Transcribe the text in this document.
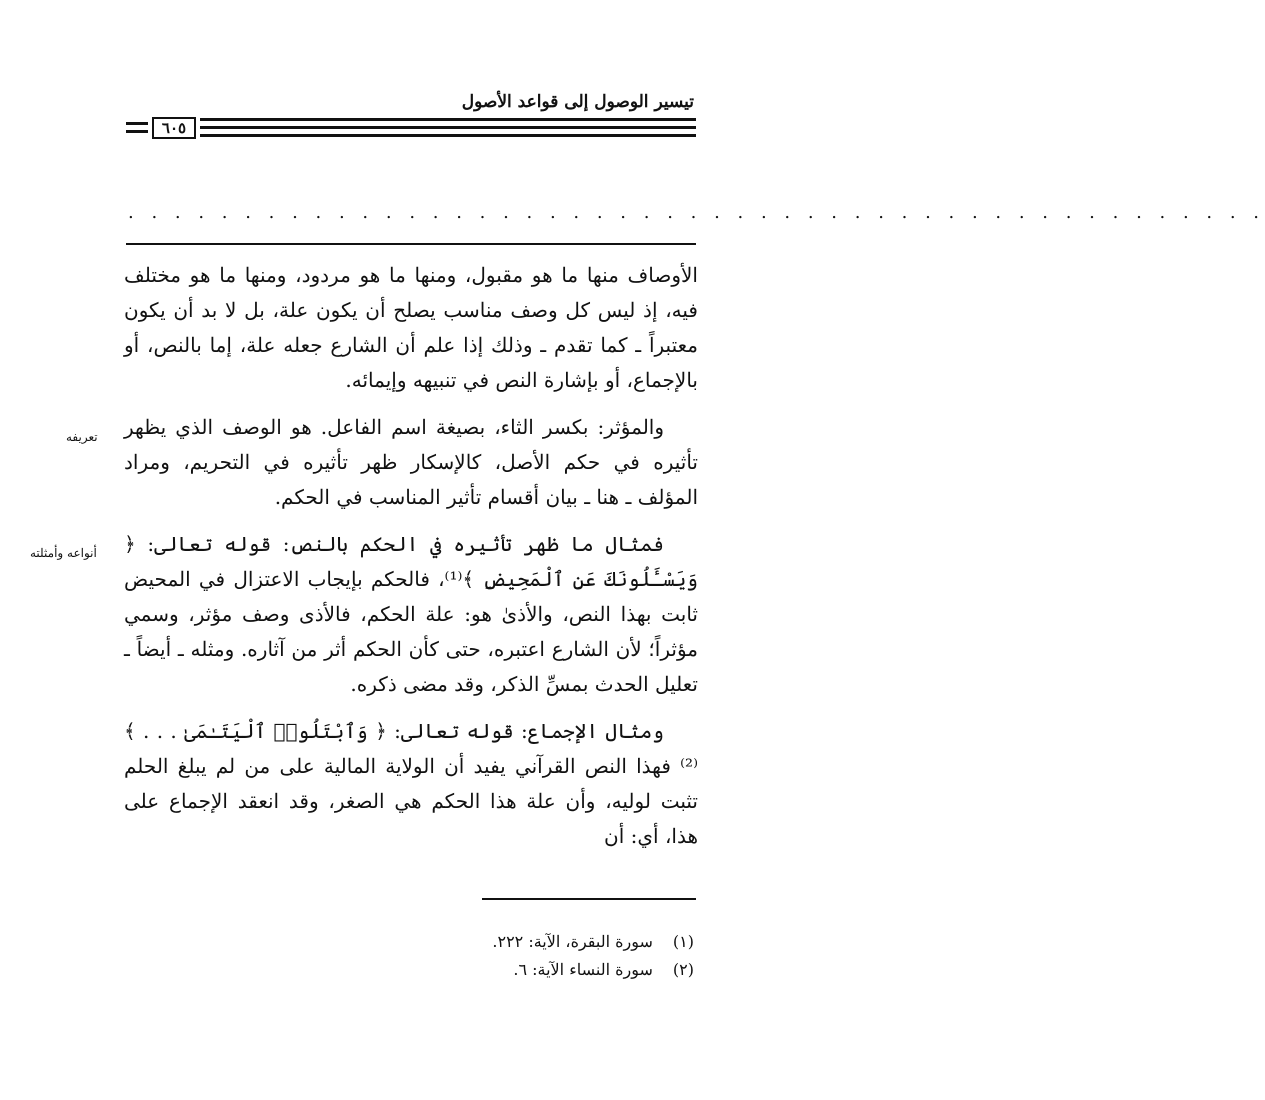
تيسير الوصول إلى قواعد الأصول
٦٠٥
. . . . . . . . . . . . . . . . . . . . . . . . . . . . . . . . . . . . . . . . . . . . . . . . .

الأوصاف منها ما هو مقبول، ومنها ما هو مردود، ومنها ما هو مختلف فيه، إذ ليس كل وصف مناسب يصلح أن يكون علة، بل لا بد أن يكون معتبراً ـ كما تقدم ـ وذلك إذا علم أن الشارع جعله علة، إما بالنص، أو بالإجماع، أو بإشارة النص في تنبيهه وإيمائه.

والمؤثر: بكسر الثاء، بصيغة اسم الفاعل. هو الوصف الذي يظهر تأثيره في حكم الأصل، كالإسكار ظهر تأثيره في التحريم، ومراد المؤلف ـ هنا ـ بيان أقسام تأثير المناسب في الحكم.

فمثال ما ظهر تأثيره في الحكم بالنص: قوله تعالى: ﴿ وَيَسْـَٔلُونَكَ عَنِ ٱلْمَحِيضِ ﴾⁽¹⁾، فالحكم بإيجاب الاعتزال في المحيض ثابت بهذا النص، والأذىٰ هو: علة الحكم، فالأذى وصف مؤثر، وسمي مؤثراً؛ لأن الشارع اعتبره، حتى كأن الحكم أثر من آثاره. ومثله ـ أيضاً ـ تعليل الحدث بمسِّ الذكر، وقد مضى ذكره.

ومثال الإجماع: قوله تعالى: ﴿ وَٱبْتَلُوا۟ ٱلْيَتَـٰمَىٰ . . . ﴾⁽²⁾ فهذا النص القرآني يفيد أن الولاية المالية على من لم يبلغ الحلم تثبت لوليه، وأن علة هذا الحكم هي الصغر، وقد انعقد الإجماع على هذا، أي: أن

تعريفه
أنواعه وأمثلته
(١) سورة البقرة، الآية: ٢٢٢.
(٢) سورة النساء الآية: ٦.
